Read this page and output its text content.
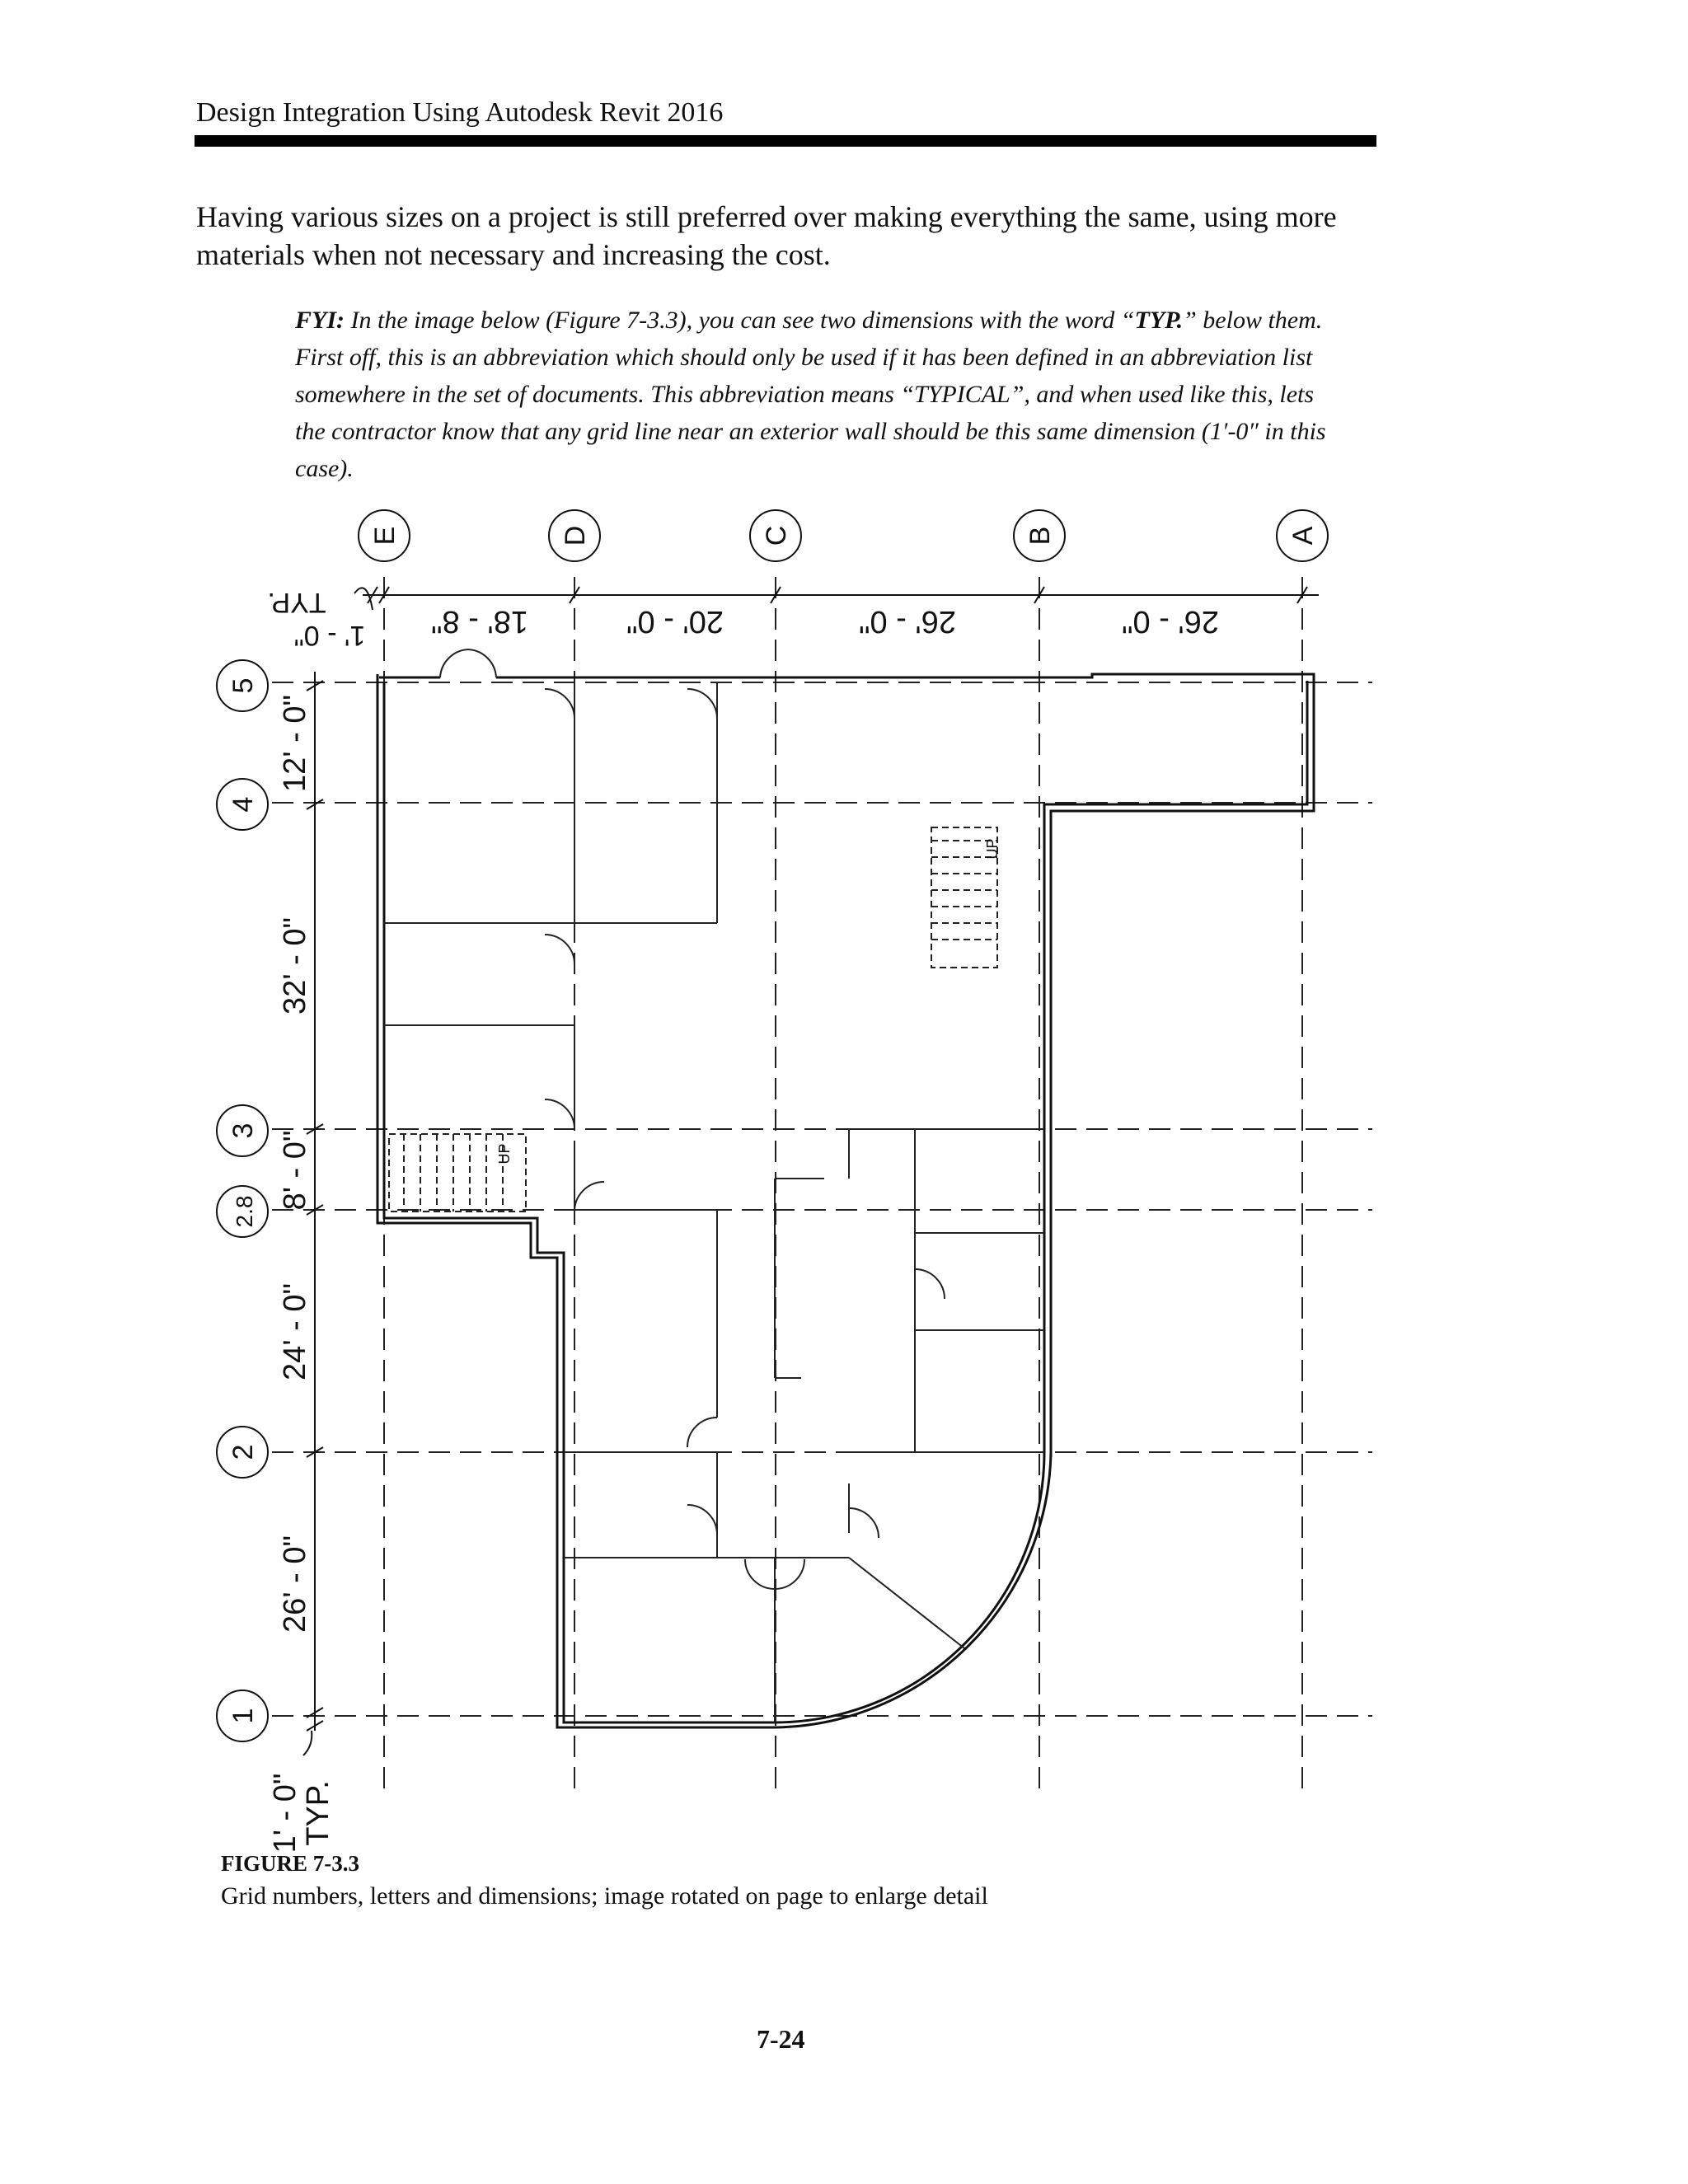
Design Integration Using Autodesk Revit 2016
Having various sizes on a project is still preferred over making everything the same, using more materials when not necessary and increasing the cost.
FYI: In the image below (Figure 7-3.3), you can see two dimensions with the word “TYP.” below them. First off, this is an abbreviation which should only be used if it has been defined in an abbreviation list somewhere in the set of documents. This abbreviation means “TYPICAL”, and when used like this, lets the contractor know that any grid line near an exterior wall should be this same dimension (1′-0″ in this case).
E	D	C	B	A
5
4
3
2.8
2
1
1' - 0"
TYP.
18' - 8"	20' - 0"	26' - 0"	26' - 0"
12' - 0"
32' - 0"
8' - 0"
24' - 0"
26' - 0"
1' - 0"
TYP.
UP
UP
FIGURE 7-3.3
Grid numbers, letters and dimensions; image rotated on page to enlarge detail
7-24
